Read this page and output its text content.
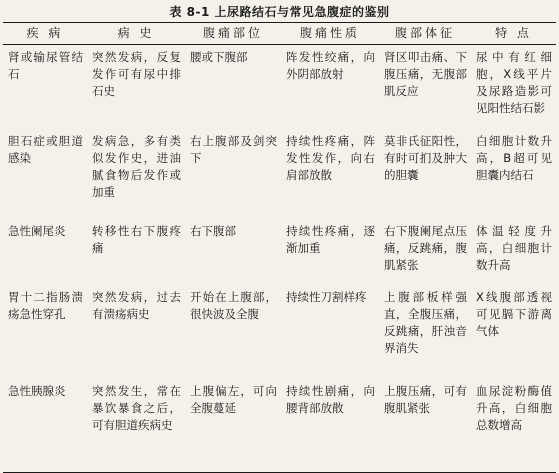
表 8-1 上尿路结石与常见急腹症的鉴别
疾 病	病 史	腹痛部位	腹痛性质	腹部体征	特 点
肾或输尿管结石	突然发病，反复发作可有尿中排石史	腰或下腹部	阵发性绞痛，向外阴部放射	肾区叩击痛、下腹压痛，无腹部肌反应	尿中有红细胞，X线平片及尿路造影可见阳性结石影
胆石症或胆道感染	发病急，多有类似发作史，进油腻食物后发作或加重	右上腹部及剑突下	持续性疼痛，阵发性发作，向右肩部放散	莫非氏征阳性，有时可扪及肿大的胆囊	白细胞计数升高，B超可见胆囊内结石
急性阑尾炎	转移性右下腹疼痛	右下腹部	持续性疼痛，逐渐加重	右下腹阑尾点压痛，反跳痛，腹肌紧张	体温轻度升高，白细胞计数升高
胃十二指肠溃疡急性穿孔	突然发病，过去有溃疡病史	开始在上腹部，很快波及全腹	持续性刀割样疼	上腹部板样强直，全腹压痛，反跳痛，肝浊音界消失	X线腹部透视可见膈下游离气体
急性胰腺炎	突然发生，常在暴饮暴食之后，可有胆道疾病史	上腹偏左，可向全腹蔓延	持续性剧痛，向腰背部放散	上腹压痛，可有腹肌紧张	血尿淀粉酶值升高，白细胞总数增高
